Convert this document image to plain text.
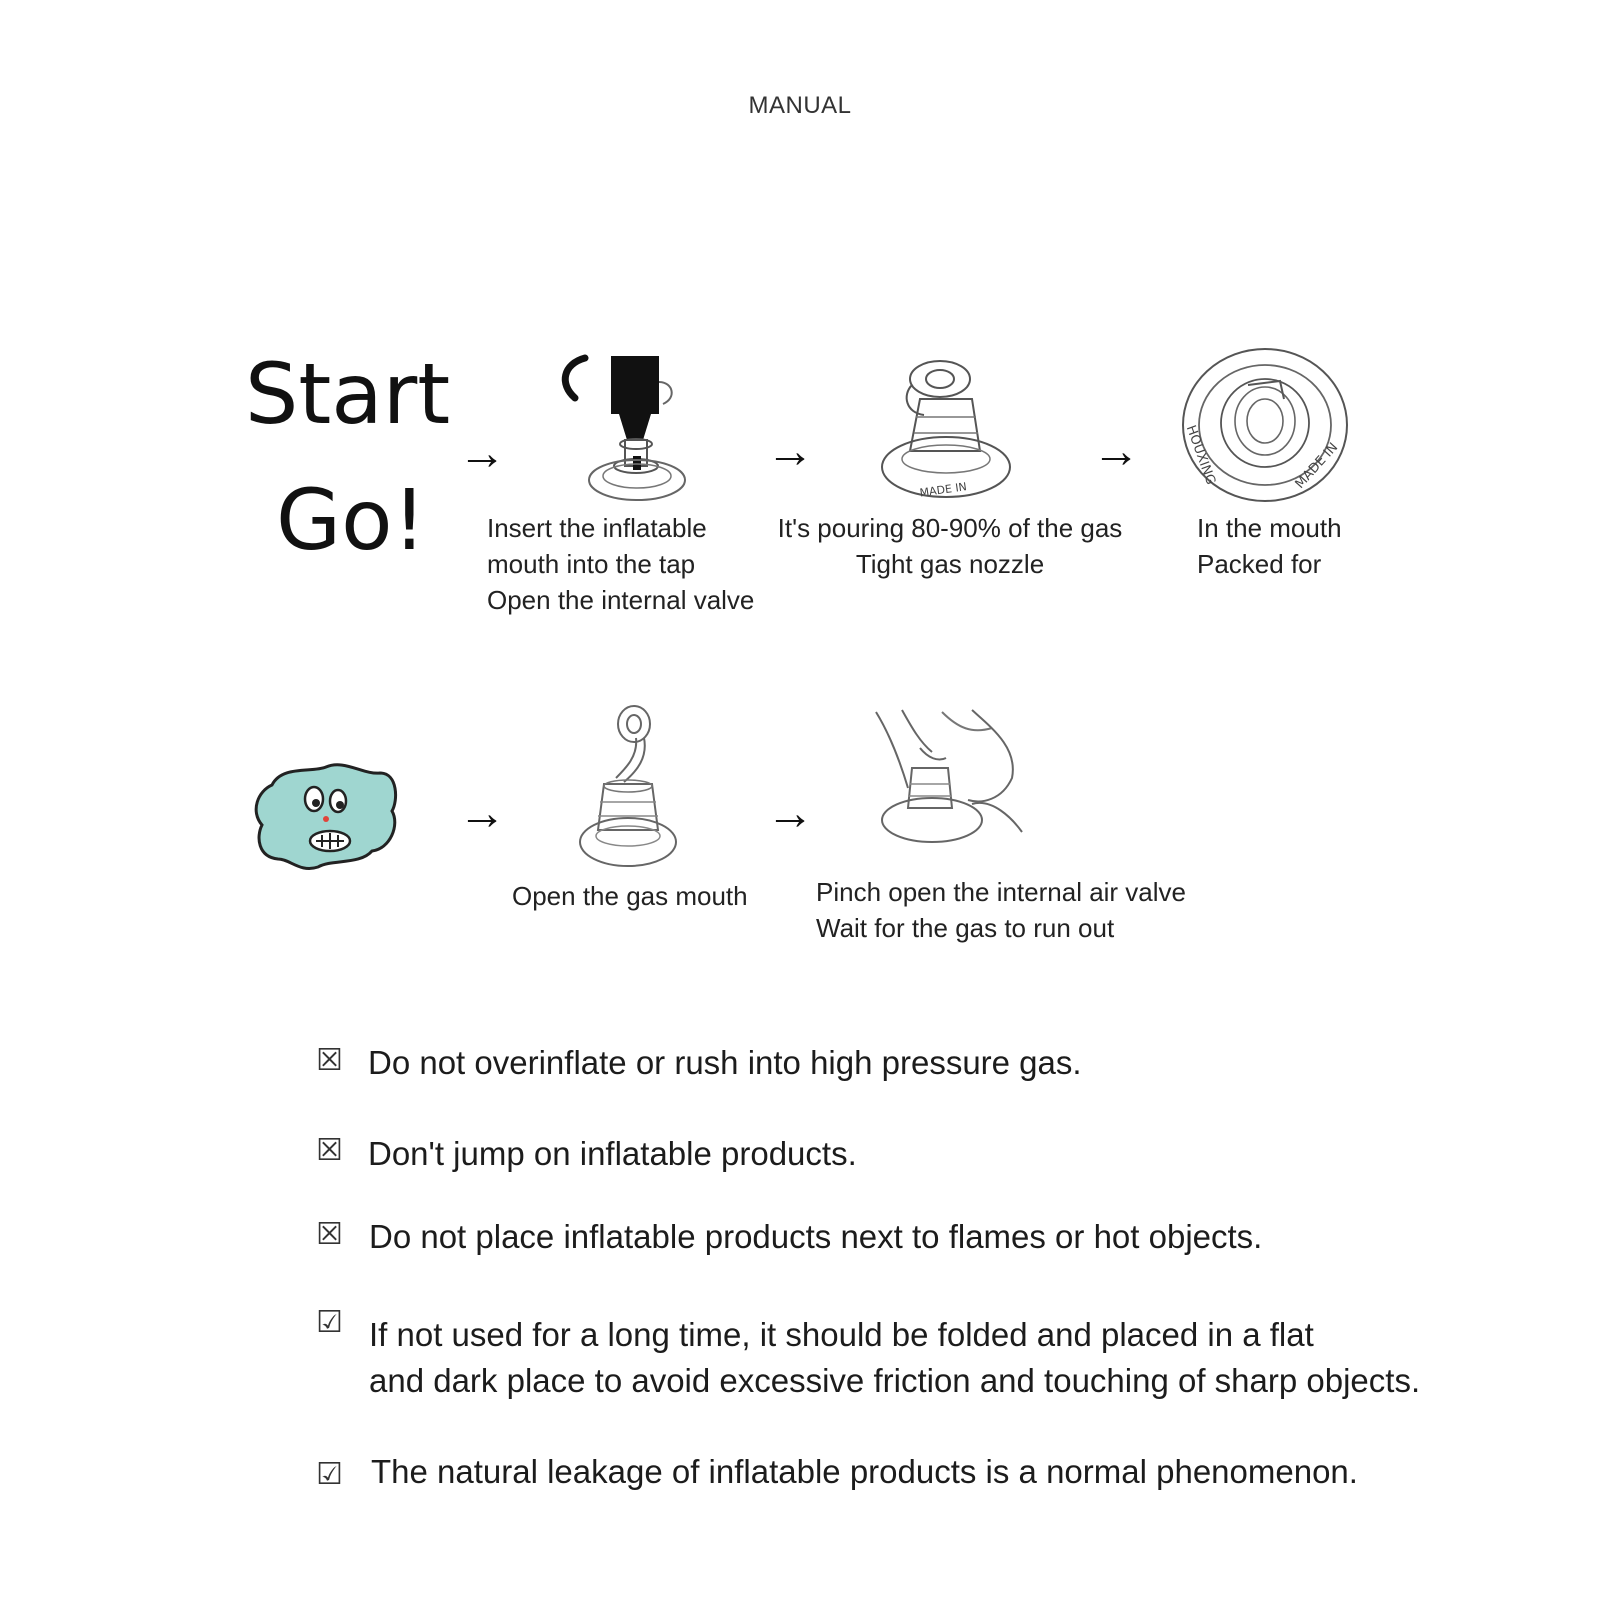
MANUAL
Start
Go!
→	→	→
MADE IN	MADE IN
HOUXING
Insert the inflatable
mouth into the tap
Open the internal valve
It's pouring 80-90% of the gas
Tight gas nozzle
In the mouth
Packed for
→	→
Open the gas mouth	Pinch open the internal air valve
Wait for the gas to run out
☒ Do not overinflate or rush into high pressure gas.
☒ Don't jump on inflatable products.
☒ Do not place inflatable products next to flames or hot objects.
☑ If not used for a long time, it should be folded and placed in a flat
and dark place to avoid excessive friction and touching of sharp objects.
☑ The natural leakage of inflatable products is a normal phenomenon.
